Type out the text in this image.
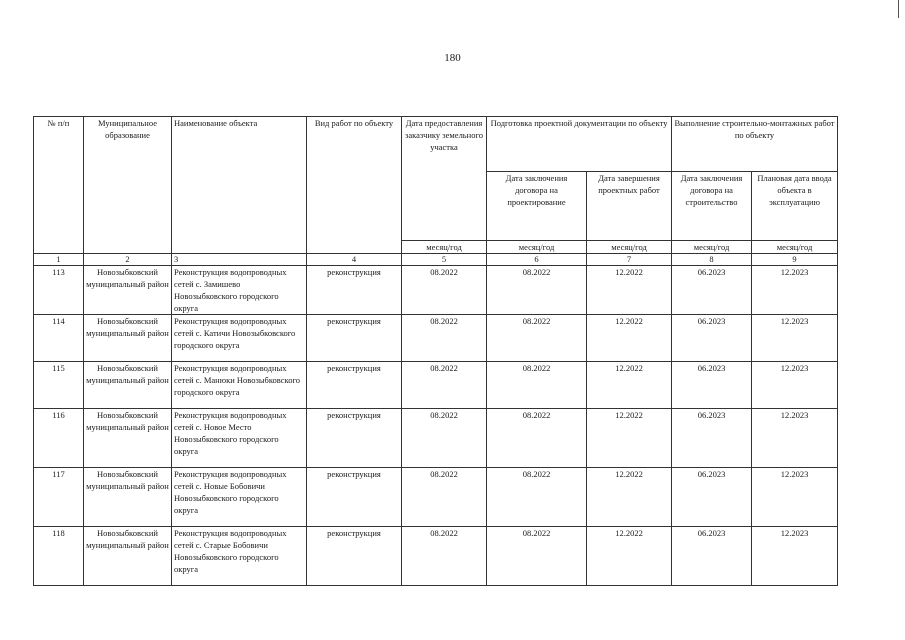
180
№ п/п	Муниципальное образование	Наименование объекта	Вид работ по объекту	Дата предоставления заказчику земельного участка	Подготовка проектной документации по объекту		Выполнение строительно-монтажных работ по объекту	
					Дата заключения договора на проектирование	Дата завершения проектных работ	Дата заключения договора на строительство	Плановая дата ввода объекта в эксплуатацию
				месяц/год	месяц/год	месяц/год	месяц/год	месяц/год
1	2	3	4	5	6	7	8	9
113	Новозыбковский муниципальный район	Реконструкция водопроводных сетей с. Замишево Новозыбковского городского округа	реконструкция	08.2022	08.2022	12.2022	06.2023	12.2023
114	Новозыбковский муниципальный район	Реконструкция водопроводных сетей с. Катичи Новозыбковского городского округа	реконструкция	08.2022	08.2022	12.2022	06.2023	12.2023
115	Новозыбковский муниципальный район	Реконструкция водопроводных сетей с. Манюки Новозыбковского городского округа	реконструкция	08.2022	08.2022	12.2022	06.2023	12.2023
116	Новозыбковский муниципальный район	Реконструкция водопроводных сетей с. Новое Место Новозыбковского городского округа	реконструкция	08.2022	08.2022	12.2022	06.2023	12.2023
117	Новозыбковский муниципальный район	Реконструкция водопроводных сетей с. Новые Бобовичи Новозыбковского городского округа	реконструкция	08.2022	08.2022	12.2022	06.2023	12.2023
118	Новозыбковский муниципальный район	Реконструкция водопроводных сетей с. Старые Бобовичи Новозыбковского городского округа	реконструкция	08.2022	08.2022	12.2022	06.2023	12.2023
